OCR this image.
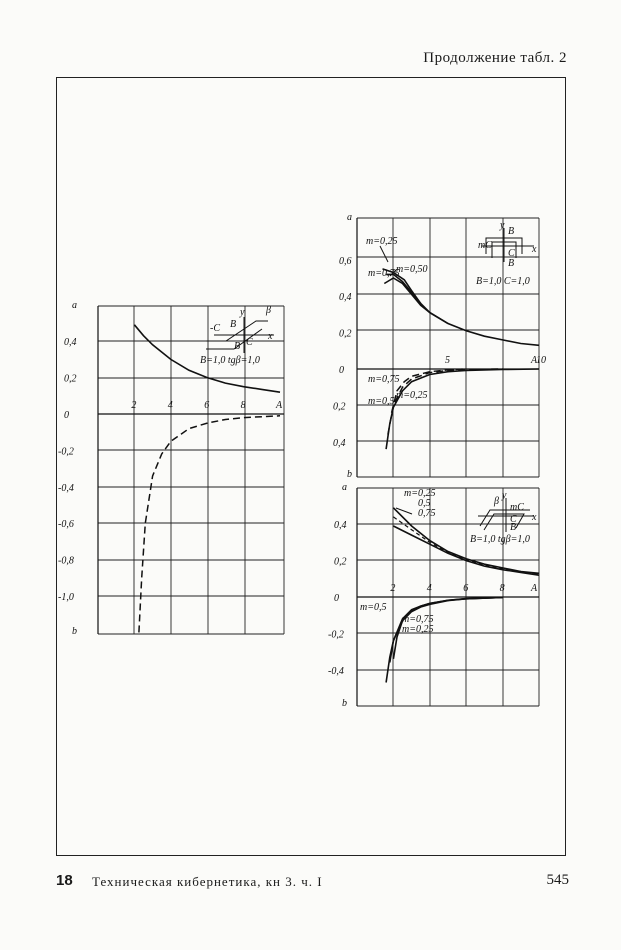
Продолжение табл. 2
2	4	6	8	A
0,4
0,2
0
-0,2
-0,4
-0,6
-0,8
-1,0
a
b
-C B
y β
x
C
B
B=1,0 tgβ=1,0	5	10
A
0,6
0,4
0,2
0
0,2
0,4
a
b
y
B
mC
C
B
x
B=1,0 C=1,0
m=0,25
m=0,75
m=0,50
m=0,75
m=0,5
m=0,25
2	4	6	8	A
0,4
0,2
0
-0,2
-0,4
a
b
y
β
mC
C
B
x
B=1,0 tgβ=1,0
m=0,25
0,5
0,75
m=0,5
m=0,75
m=0,25
18 Техническая кибернетика, кн 3. ч. I	545
